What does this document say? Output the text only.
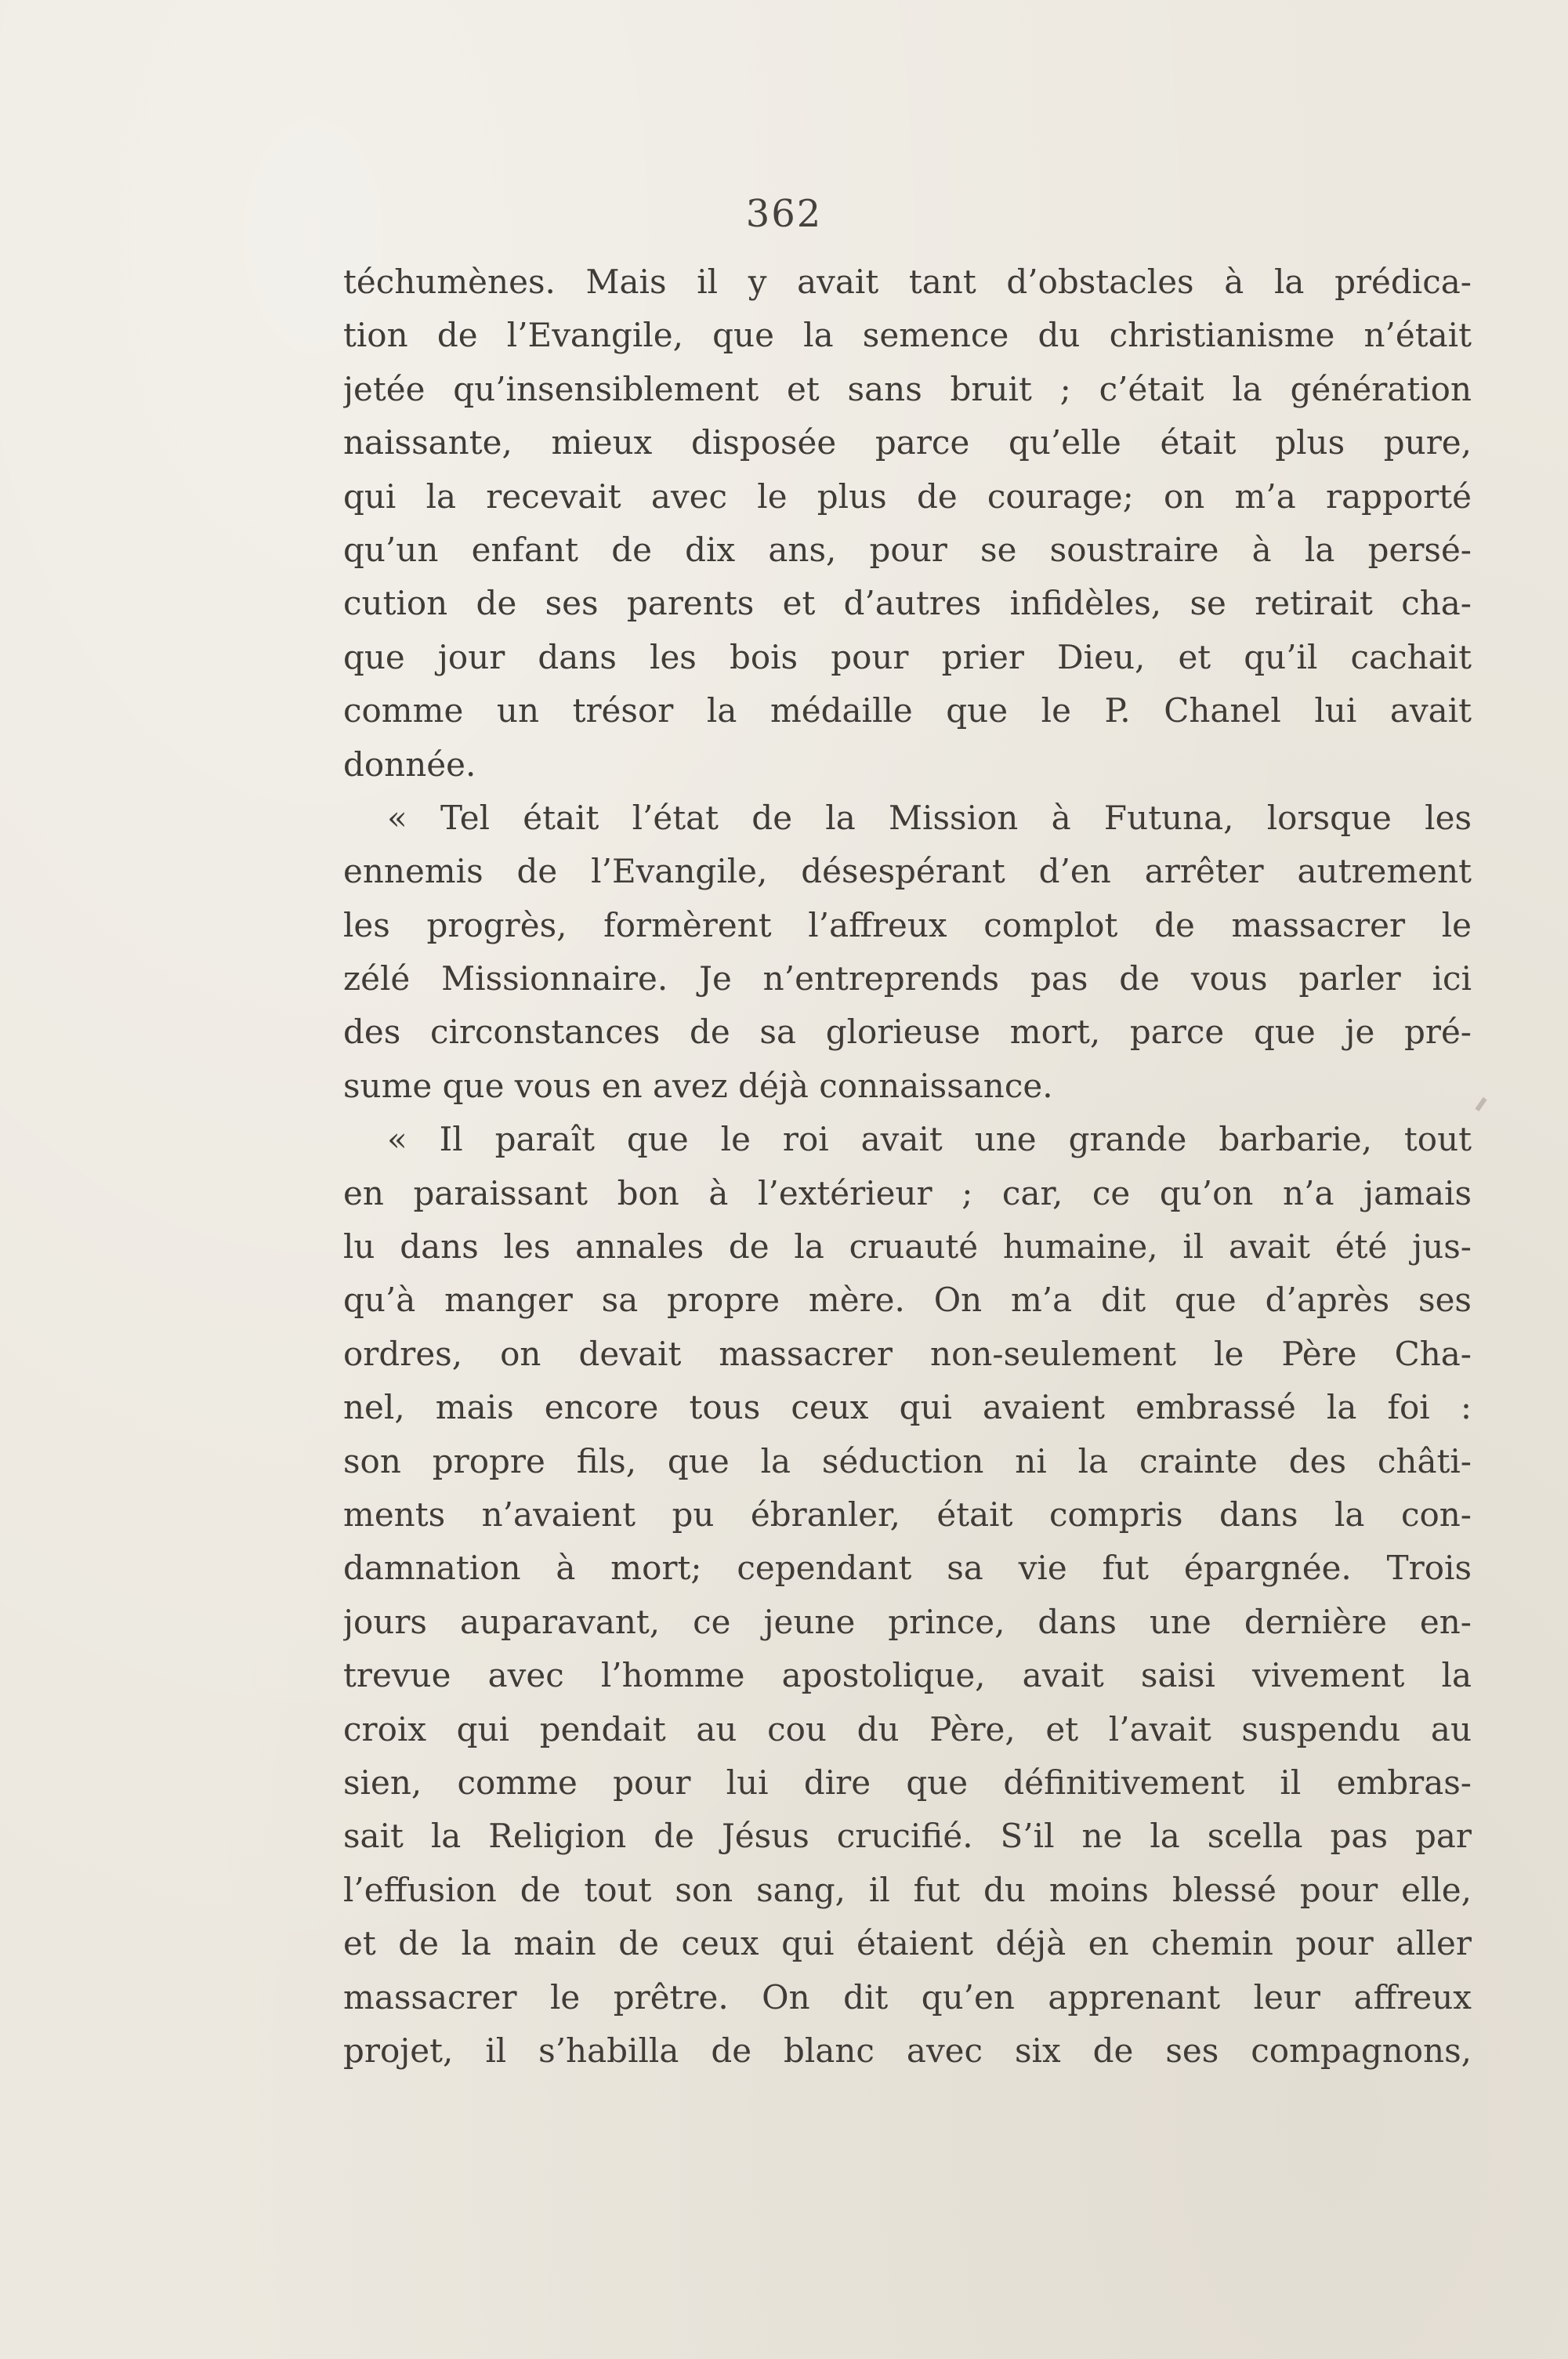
362
téchumènes. Mais il y avait tant d’obstacles à la prédica-
tion de l’Evangile, que la semence du christianisme n’était
jetée qu’insensiblement et sans bruit ; c’était la génération
naissante, mieux disposée parce qu’elle était plus pure,
qui la recevait avec le plus de courage; on m’a rapporté
qu’un enfant de dix ans, pour se soustraire à la persé-
cution de ses parents et d’autres infidèles, se retirait cha-
que jour dans les bois pour prier Dieu, et qu’il cachait
comme un trésor la médaille que le P. Chanel lui avait
donnée.
« Tel était l’état de la Mission à Futuna, lorsque les
ennemis de l’Evangile, désespérant d’en arrêter autrement
les progrès, formèrent l’affreux complot de massacrer le
zélé Missionnaire. Je n’entreprends pas de vous parler ici
des circonstances de sa glorieuse mort, parce que je pré-
sume que vous en avez déjà connaissance.
« Il paraît que le roi avait une grande barbarie, tout
en paraissant bon à l’extérieur ; car, ce qu’on n’a jamais
lu dans les annales de la cruauté humaine, il avait été jus-
qu’à manger sa propre mère. On m’a dit que d’après ses
ordres, on devait massacrer non-seulement le Père Cha-
nel, mais encore tous ceux qui avaient embrassé la foi :
son propre fils, que la séduction ni la crainte des châti-
ments n’avaient pu ébranler, était compris dans la con-
damnation à mort; cependant sa vie fut épargnée. Trois
jours auparavant, ce jeune prince, dans une dernière en-
trevue avec l’homme apostolique, avait saisi vivement la
croix qui pendait au cou du Père, et l’avait suspendu au
sien, comme pour lui dire que définitivement il embras-
sait la Religion de Jésus crucifié. S’il ne la scella pas par
l’effusion de tout son sang, il fut du moins blessé pour elle,
et de la main de ceux qui étaient déjà en chemin pour aller
massacrer le prêtre. On dit qu’en apprenant leur affreux
projet, il s’habilla de blanc avec six de ses compagnons,
